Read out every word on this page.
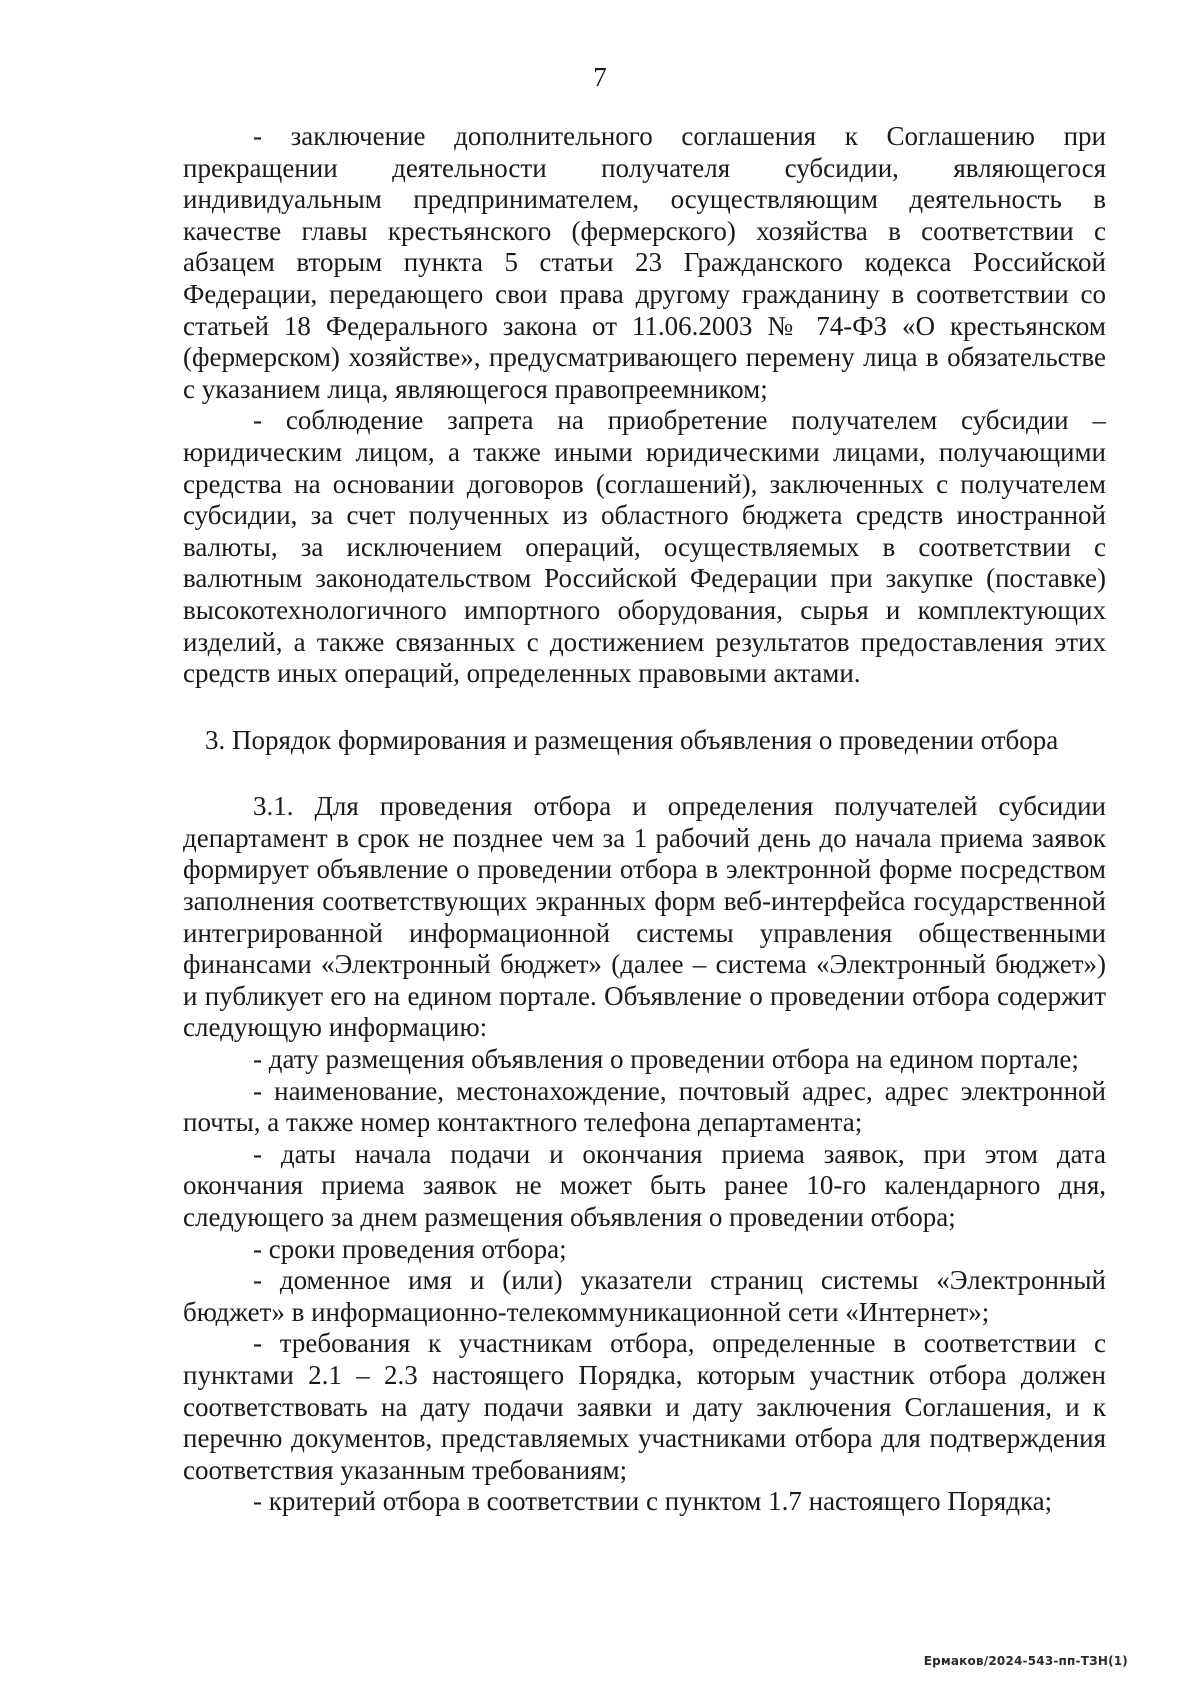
7

- заключение дополнительного соглашения к Соглашению при прекращении деятельности получателя субсидии, являющегося индивидуальным предпринимателем, осуществляющим деятельность в качестве главы крестьянского (фермерского) хозяйства в соответствии с абзацем вторым пункта 5 статьи 23 Гражданского кодекса Российской Федерации, передающего свои права другому гражданину в соответствии со статьей 18 Федерального закона от 11.06.2003 № 74-ФЗ «О крестьянском (фермерском) хозяйстве», предусматривающего перемену лица в обязательстве с указанием лица, являющегося правопреемником;

- соблюдение запрета на приобретение получателем субсидии – юридическим лицом, а также иными юридическими лицами, получающими средства на основании договоров (соглашений), заключенных с получателем субсидии, за счет полученных из областного бюджета средств иностранной валюты, за исключением операций, осуществляемых в соответствии с валютным законодательством Российской Федерации при закупке (поставке) высокотехнологичного импортного оборудования, сырья и комплектующих изделий, а также связанных с достижением результатов предоставления этих средств иных операций, определенных правовыми актами.

3. Порядок формирования и размещения объявления о проведении отбора

3.1. Для проведения отбора и определения получателей субсидии департамент в срок не позднее чем за 1 рабочий день до начала приема заявок формирует объявление о проведении отбора в электронной форме посредством заполнения соответствующих экранных форм веб-интерфейса государственной интегрированной информационной системы управления общественными финансами «Электронный бюджет» (далее – система «Электронный бюджет») и публикует его на едином портале. Объявление о проведении отбора содержит следующую информацию:

- дату размещения объявления о проведении отбора на едином портале;

- наименование, местонахождение, почтовый адрес, адрес электронной почты, а также номер контактного телефона департамента;

- даты начала подачи и окончания приема заявок, при этом дата окончания приема заявок не может быть ранее 10-го календарного дня, следующего за днем размещения объявления о проведении отбора;

- сроки проведения отбора;

- доменное имя и (или) указатели страниц системы «Электронный бюджет» в информационно-телекоммуникационной сети «Интернет»;

- требования к участникам отбора, определенные в соответствии с пунктами 2.1 – 2.3 настоящего Порядка, которым участник отбора должен соответствовать на дату подачи заявки и дату заключения Соглашения, и к перечню документов, представляемых участниками отбора для подтверждения соответствия указанным требованиям;

- критерий отбора в соответствии с пунктом 1.7 настоящего Порядка;

Ермаков/2024-543-пп-ТЗН(1)
